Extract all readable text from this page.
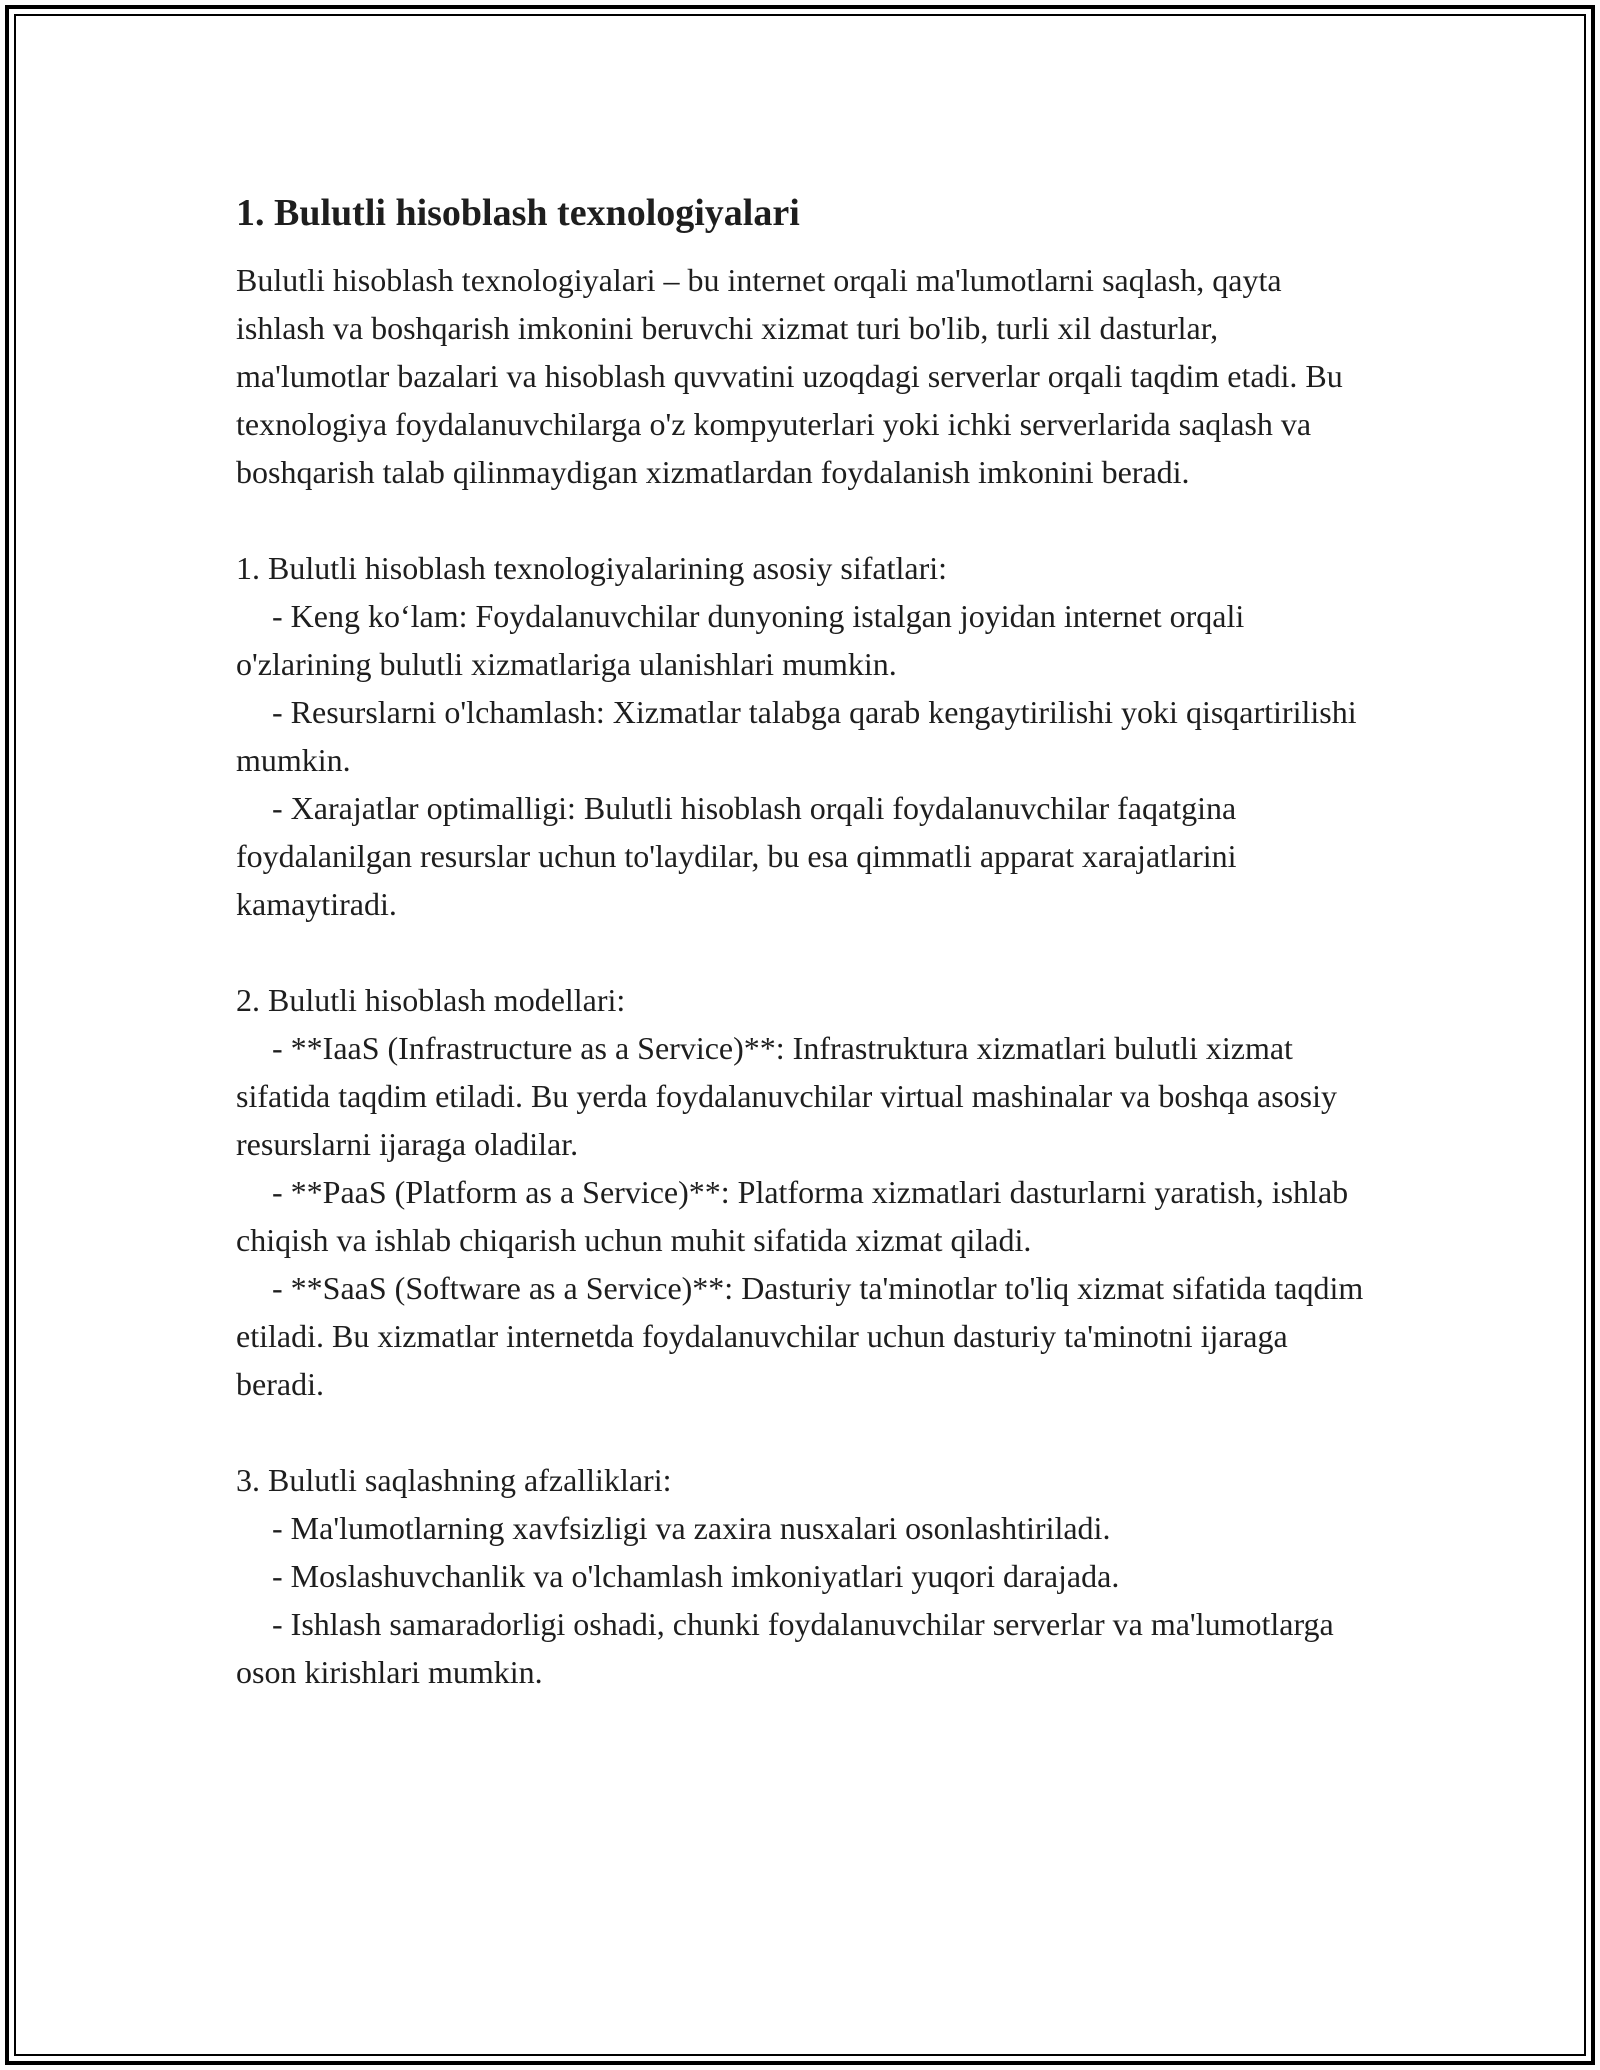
1. Bulutli hisoblash texnologiyalari

Bulutli hisoblash texnologiyalari – bu internet orqali ma'lumotlarni saqlash, qayta ishlash va boshqarish imkonini beruvchi xizmat turi bo'lib, turli xil dasturlar, ma'lumotlar bazalari va hisoblash quvvatini uzoqdagi serverlar orqali taqdim etadi. Bu texnologiya foydalanuvchilarga o'z kompyuterlari yoki ichki serverlarida saqlash va boshqarish talab qilinmaydigan xizmatlardan foydalanish imkonini beradi.

1. Bulutli hisoblash texnologiyalarining asosiy sifatlari:

- Keng ko‘lam: Foydalanuvchilar dunyoning istalgan joyidan internet orqali o'zlarining bulutli xizmatlariga ulanishlari mumkin.

- Resurslarni o'lchamlash: Xizmatlar talabga qarab kengaytirilishi yoki qisqartirilishi mumkin.

- Xarajatlar optimalligi: Bulutli hisoblash orqali foydalanuvchilar faqatgina foydalanilgan resurslar uchun to'laydilar, bu esa qimmatli apparat xarajatlarini kamaytiradi.

2. Bulutli hisoblash modellari:

- **IaaS (Infrastructure as a Service)**: Infrastruktura xizmatlari bulutli xizmat sifatida taqdim etiladi. Bu yerda foydalanuvchilar virtual mashinalar va boshqa asosiy resurslarni ijaraga oladilar.

- **PaaS (Platform as a Service)**: Platforma xizmatlari dasturlarni yaratish, ishlab chiqish va ishlab chiqarish uchun muhit sifatida xizmat qiladi.

- **SaaS (Software as a Service)**: Dasturiy ta'minotlar to'liq xizmat sifatida taqdim etiladi. Bu xizmatlar internetda foydalanuvchilar uchun dasturiy ta'minotni ijaraga beradi.

3. Bulutli saqlashning afzalliklari:

- Ma'lumotlarning xavfsizligi va zaxira nusxalari osonlashtiriladi.

- Moslashuvchanlik va o'lchamlash imkoniyatlari yuqori darajada.

- Ishlash samaradorligi oshadi, chunki foydalanuvchilar serverlar va ma'lumotlarga oson kirishlari mumkin.
